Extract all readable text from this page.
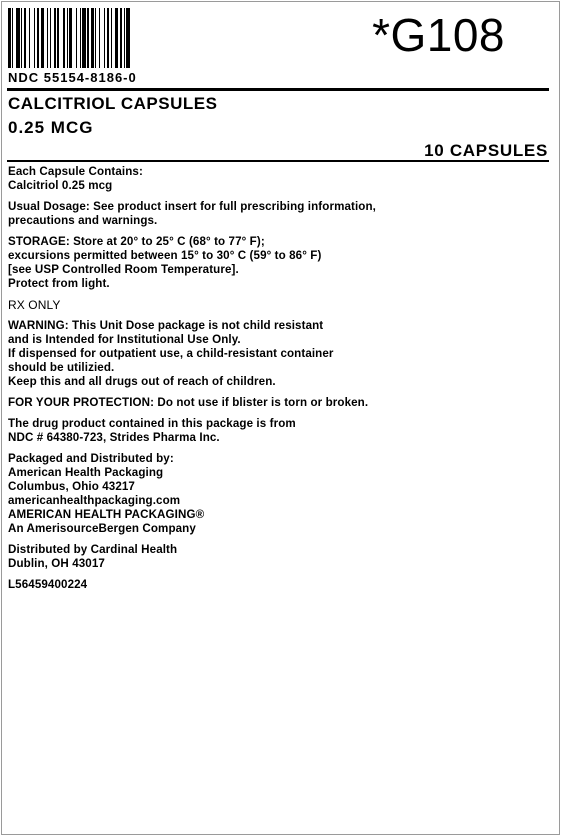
*G108
NDC 55154-8186-0
CALCITRIOL CAPSULES
0.25 MCG
10 CAPSULES
Each Capsule Contains:
Calcitriol 0.25 mcg
Usual Dosage: See product insert for full prescribing information,
precautions and warnings.
STORAGE: Store at 20° to 25° C (68° to 77° F);
excursions permitted between 15° to 30° C (59° to 86° F)
[see USP Controlled Room Temperature].
Protect from light.
RX ONLY
WARNING: This Unit Dose package is not child resistant
and is Intended for Institutional Use Only.
If dispensed for outpatient use, a child-resistant container
should be utilizied.
Keep this and all drugs out of reach of children.
FOR YOUR PROTECTION: Do not use if blister is torn or broken.
The drug product contained in this package is from
NDC # 64380-723, Strides Pharma Inc.
Packaged and Distributed by:
American Health Packaging
Columbus, Ohio 43217
americanhealthpackaging.com
AMERICAN HEALTH PACKAGING®
An AmerisourceBergen Company
Distributed by Cardinal Health
Dublin, OH 43017
L56459400224
